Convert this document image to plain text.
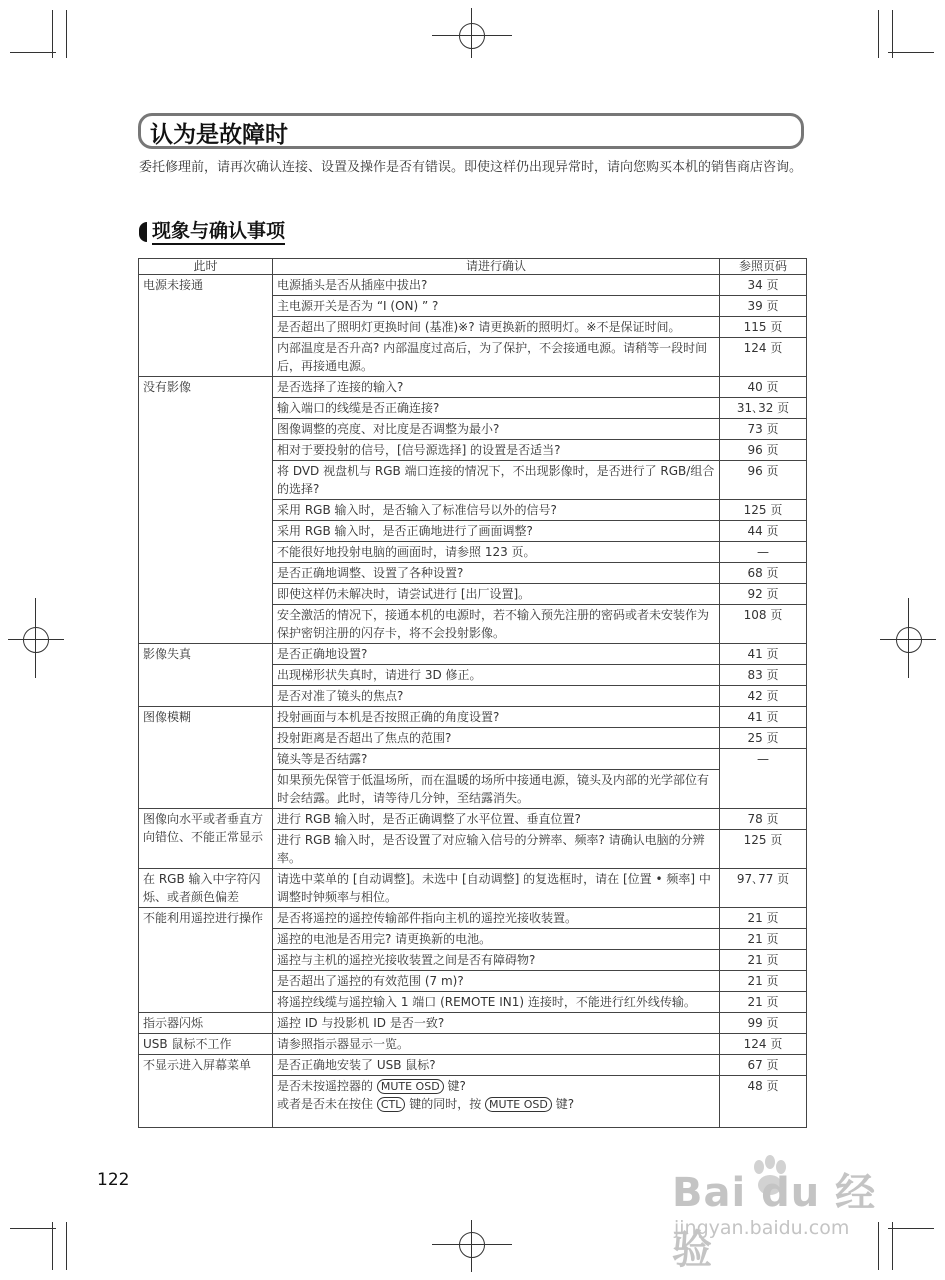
认为是故障时
委托修理前，请再次确认连接、设置及操作是否有错误。即使这样仍出现异常时，请向您购买本机的销售商店咨询。
现象与确认事项
此时	请进行确认	参照页码
电源未接通	电源插头是否从插座中拔出?	34 页
	主电源开关是否为 “I (ON) ” ?	39 页
	是否超出了照明灯更换时间 (基准)※? 请更换新的照明灯。※不是保证时间。	115 页
	内部温度是否升高? 内部温度过高后，为了保护，不会接通电源。请稍等一段时间后，再接通电源。	124 页
没有影像	是否选择了连接的输入?	40 页
	输入端口的线缆是否正确连接?	31､32 页
	图像调整的亮度、对比度是否调整为最小?	73 页
	相对于要投射的信号，[信号源选择] 的设置是否适当?	96 页
	将 DVD 视盘机与 RGB 端口连接的情况下，不出现影像时，是否进行了 RGB/组合的选择?	96 页
	采用 RGB 输入时，是否输入了标准信号以外的信号?	125 页
	采用 RGB 输入时，是否正确地进行了画面调整?	44 页
	不能很好地投射电脑的画面时，请参照 123 页。	—
	是否正确地调整、设置了各种设置?	68 页
	即使这样仍未解决时，请尝试进行 [出厂设置]。	92 页
	安全激活的情况下，接通本机的电源时，若不输入预先注册的密码或者未安装作为保护密钥注册的闪存卡，将不会投射影像。	108 页
影像失真	是否正确地设置?	41 页
	出现梯形状失真时，请进行 3D 修正。	83 页
	是否对准了镜头的焦点?	42 页
图像模糊	投射画面与本机是否按照正确的角度设置?	41 页
	投射距离是否超出了焦点的范围?	25 页
	镜头等是否结露?	—
	如果预先保管于低温场所，而在温暖的场所中接通电源，镜头及内部的光学部位有时会结露。此时，请等待几分钟，至结露消失。	
图像向水平或者垂直方向错位、不能正常显示	进行 RGB 输入时，是否正确调整了水平位置、垂直位置?	78 页
	进行 RGB 输入时，是否设置了对应输入信号的分辨率、频率? 请确认电脑的分辨率。	125 页
在 RGB 输入中字符闪烁、或者颜色偏差	请选中菜单的 [自动调整]。未选中 [自动调整] 的复选框时，请在 [位置 • 频率] 中调整时钟频率与相位。	97､77 页
不能利用遥控进行操作	是否将遥控的遥控传输部件指向主机的遥控光接收装置。	21 页
	遥控的电池是否用完? 请更换新的电池。	21 页
	遥控与主机的遥控光接收装置之间是否有障碍物?	21 页
	是否超出了遥控的有效范围 (7 m)?	21 页
	将遥控线缆与遥控输入 1 端口 (REMOTE IN1) 连接时，不能进行红外线传输。	21 页
指示器闪烁	遥控 ID 与投影机 ID 是否一致?	99 页
USB 鼠标不工作	请参照指示器显示一览。	124 页
不显示进入屏幕菜单	是否正确地安装了 USB 鼠标?	67 页

	是否未按遥控器的 MUTE OSD 键?
或者是否未在按住 CTL 键的同时，按 MUTE OSD 键?	48 页
122	Bai du 经验
jingyan.baidu.com
